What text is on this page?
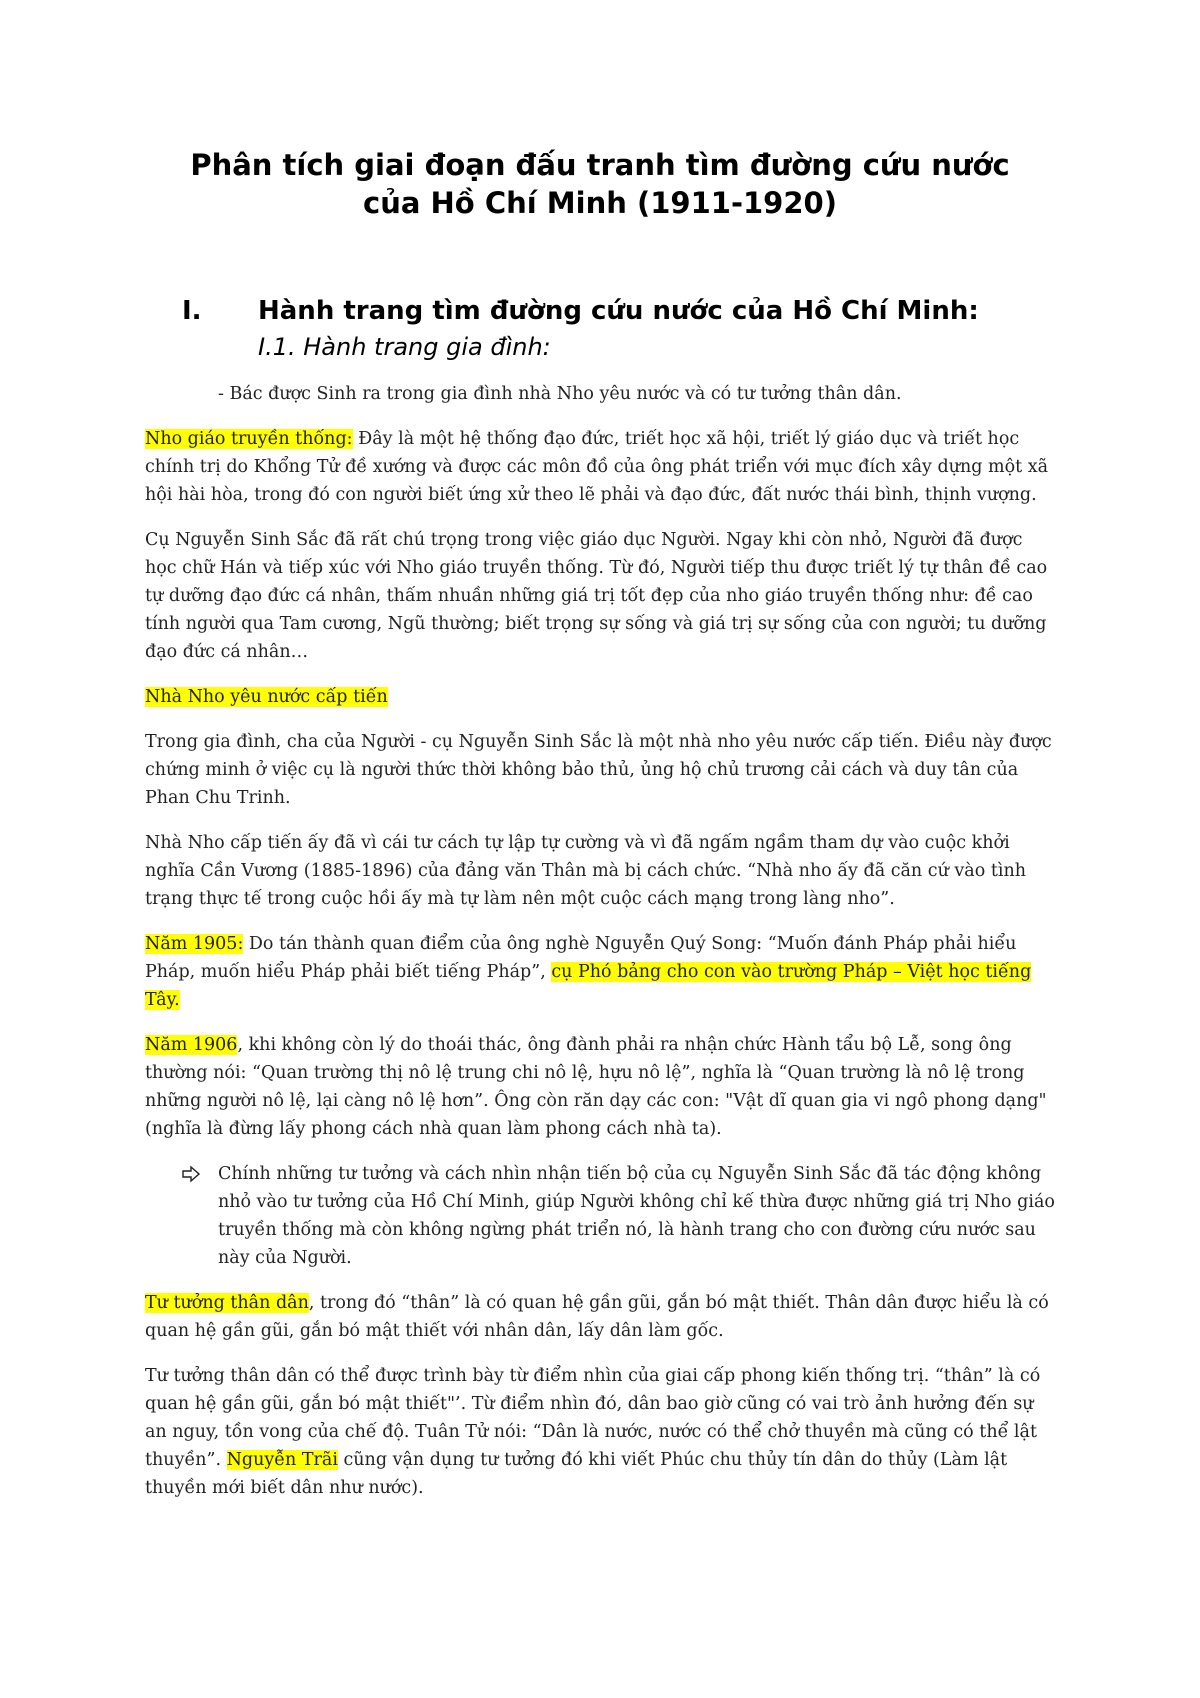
Phân tích giai đoạn đấu tranh tìm đường cứu nước
của Hồ Chí Minh (1911-1920)
I. Hành trang tìm đường cứu nước của Hồ Chí Minh:
I.1. Hành trang gia đình:

- Bác được Sinh ra trong gia đình nhà Nho yêu nước và có tư tưởng thân dân.

Nho giáo truyền thống: Đây là một hệ thống đạo đức, triết học xã hội, triết lý giáo dục và triết học chính trị do Khổng Tử đề xướng và được các môn đồ của ông phát triển với mục đích xây dựng một xã hội hài hòa, trong đó con người biết ứng xử theo lẽ phải và đạo đức, đất nước thái bình, thịnh vượng.

Cụ Nguyễn Sinh Sắc đã rất chú trọng trong việc giáo dục Người. Ngay khi còn nhỏ, Người đã được học chữ Hán và tiếp xúc với Nho giáo truyền thống. Từ đó, Người tiếp thu được triết lý tự thân đề cao tự dưỡng đạo đức cá nhân, thấm nhuần những giá trị tốt đẹp của nho giáo truyền thống như: đề cao tính người qua Tam cương, Ngũ thường; biết trọng sự sống và giá trị sự sống của con người; tu dưỡng đạo đức cá nhân…

Nhà Nho yêu nước cấp tiến

Trong gia đình, cha của Người - cụ Nguyễn Sinh Sắc là một nhà nho yêu nước cấp tiến. Điều này được chứng minh ở việc cụ là người thức thời không bảo thủ, ủng hộ chủ trương cải cách và duy tân của Phan Chu Trinh.

Nhà Nho cấp tiến ấy đã vì cái tư cách tự lập tự cường và vì đã ngấm ngầm tham dự vào cuộc khởi nghĩa Cần Vương (1885-1896) của đảng văn Thân mà bị cách chức. “Nhà nho ấy đã căn cứ vào tình trạng thực tế trong cuộc hồi ấy mà tự làm nên một cuộc cách mạng trong làng nho”.

Năm 1905: Do tán thành quan điểm của ông nghè Nguyễn Quý Song: “Muốn đánh Pháp phải hiểu Pháp, muốn hiểu Pháp phải biết tiếng Pháp”, cụ Phó bảng cho con vào trường Pháp – Việt học tiếng Tây.

Năm 1906, khi không còn lý do thoái thác, ông đành phải ra nhận chức Hành tẩu bộ Lễ, song ông thường nói: “Quan trường thị nô lệ trung chi nô lệ, hựu nô lệ”, nghĩa là “Quan trường là nô lệ trong những người nô lệ, lại càng nô lệ hơn”. Ông còn răn dạy các con: "Vật dĩ quan gia vi ngô phong dạng" (nghĩa là đừng lấy phong cách nhà quan làm phong cách nhà ta).

Chính những tư tưởng và cách nhìn nhận tiến bộ của cụ Nguyễn Sinh Sắc đã tác động không nhỏ vào tư tưởng của Hồ Chí Minh, giúp Người không chỉ kế thừa được những giá trị Nho giáo truyền thống mà còn không ngừng phát triển nó, là hành trang cho con đường cứu nước sau này của Người.

Tư tưởng thân dân, trong đó “thân” là có quan hệ gần gũi, gắn bó mật thiết. Thân dân được hiểu là có quan hệ gần gũi, gắn bó mật thiết với nhân dân, lấy dân làm gốc.

Tư tưởng thân dân có thể được trình bày từ điểm nhìn của giai cấp phong kiến thống trị. “thân” là có quan hệ gần gũi, gắn bó mật thiết"’. Từ điểm nhìn đó, dân bao giờ cũng có vai trò ảnh hưởng đến sự an nguy, tồn vong của chế độ. Tuân Tử nói: “Dân là nước, nước có thể chở thuyền mà cũng có thể lật thuyền”. Nguyễn Trãi cũng vận dụng tư tưởng đó khi viết Phúc chu thủy tín dân do thủy (Làm lật thuyền mới biết dân như nước).
